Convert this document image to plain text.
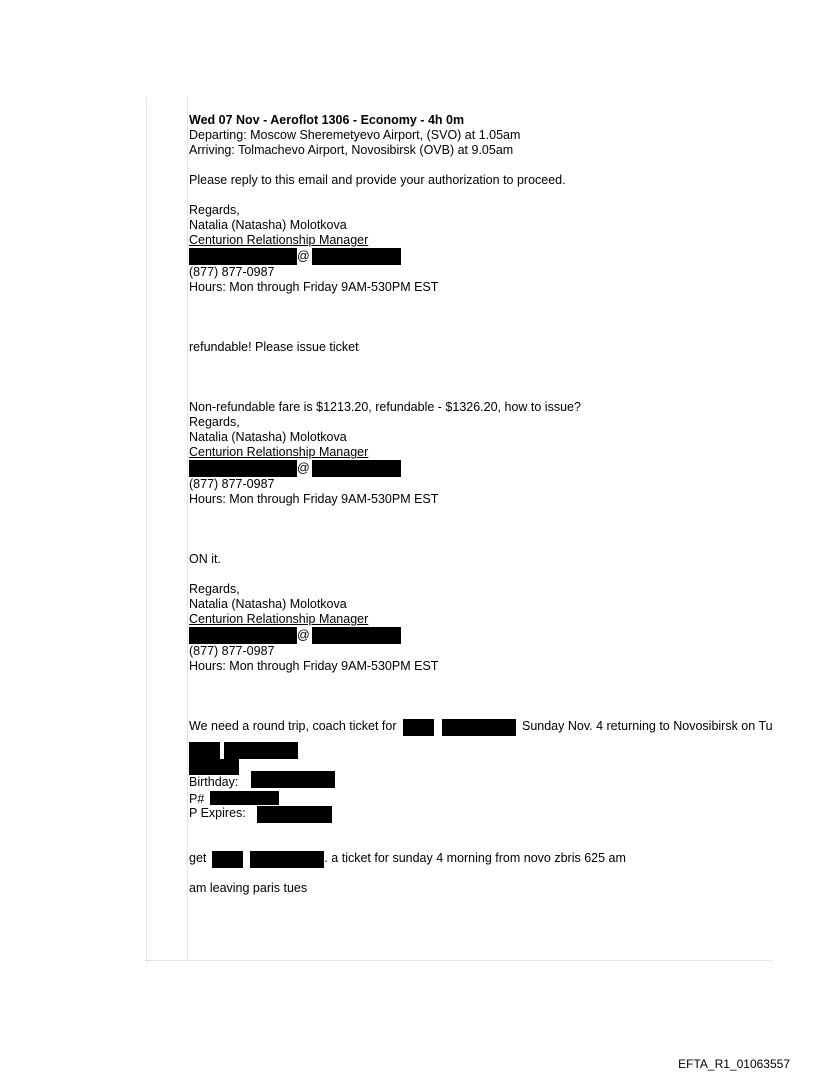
Wed 07 Nov - Aeroflot 1306 - Economy - 4h 0m
Departing: Moscow Sheremetyevo Airport, (SVO) at 1.05am
Arriving: Tolmachevo Airport, Novosibirsk (OVB) at 9.05am
Please reply to this email and provide your authorization to proceed.
Regards,
Natalia (Natasha) Molotkova
Centurion Relationship Manager
@
(877) 877-0987
Hours: Mon through Friday 9AM-530PM EST
refundable! Please issue ticket
Non-refundable fare is $1213.20, refundable - $1326.20, how to issue?
Regards,
Natalia (Natasha) Molotkova
Centurion Relationship Manager
@
(877) 877-0987
Hours: Mon through Friday 9AM-530PM EST
ON it.
Regards,
Natalia (Natasha) Molotkova
Centurion Relationship Manager
@
(877) 877-0987
Hours: Mon through Friday 9AM-530PM EST
We need a round trip, coach ticket for	Sunday Nov. 4 returning to Novosibirsk on Tu
Birthday:
P#
P Expires:
get	. a ticket for sunday 4 morning from novo zbris 625 am
am leaving paris tues
EFTA_R1_01063557
